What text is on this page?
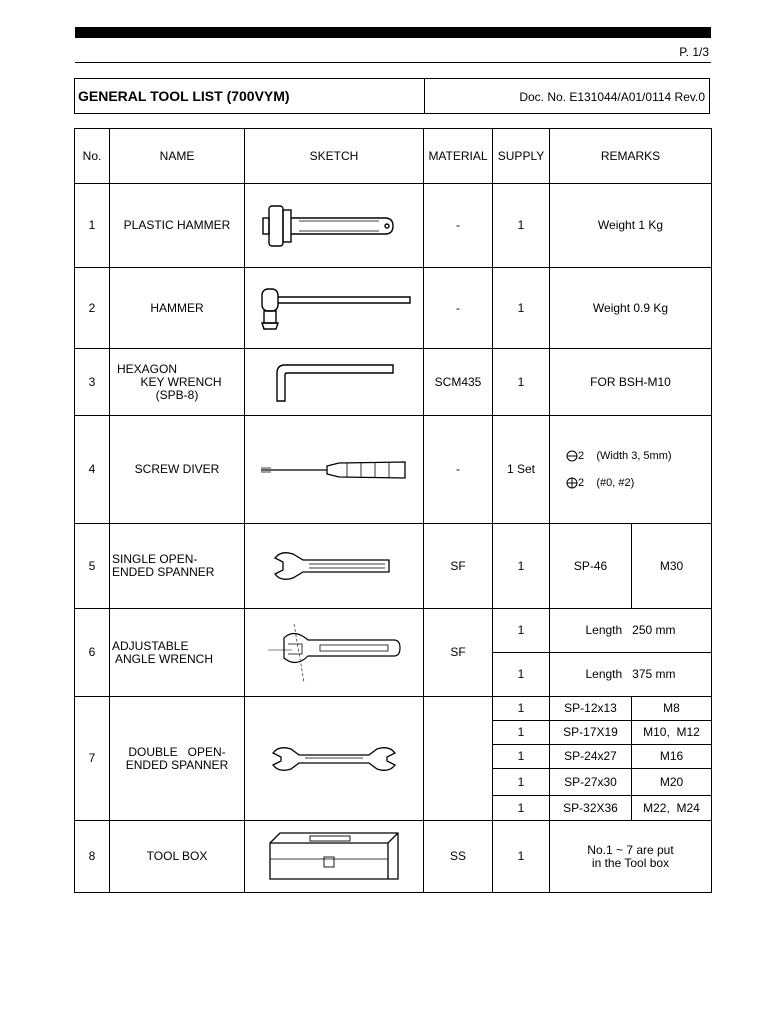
P. 1/3
GENERAL TOOL LIST (700VYM)	Doc. No. E131044/A01/0114 Rev.0
No.	NAME	SKETCH	MATERIAL	SUPPLY	REMARKS	
1	PLASTIC HAMMER		-	1	Weight 1 Kg	
2	HAMMER		-	1	Weight 0.9 Kg	
3	HEXAGON
KEY WRENCH
(SPB-8)		SCM435	1	FOR BSH-M10	
4	SCREW DIVER		-	1 Set	2 (Width 3, 5mm)
2 (#0, #2)	

5	SINGLE OPEN-
ENDED SPANNER		SF	1	SP-46	M30
6	ADJUSTABLE
ANGLE WRENCH		SF	1	Length   250 mm	
				1	Length   375 mm	
7	DOUBLE   OPEN-
ENDED SPANNER			1	SP-12x13	M8
				1	SP-17X19	M10,  M12
				1	SP-24x27	M16
				1	SP-27x30	M20
				1	SP-32X36	M22,  M24
8	TOOL BOX		SS	1	No.1 ~ 7 are put
in the Tool box	
